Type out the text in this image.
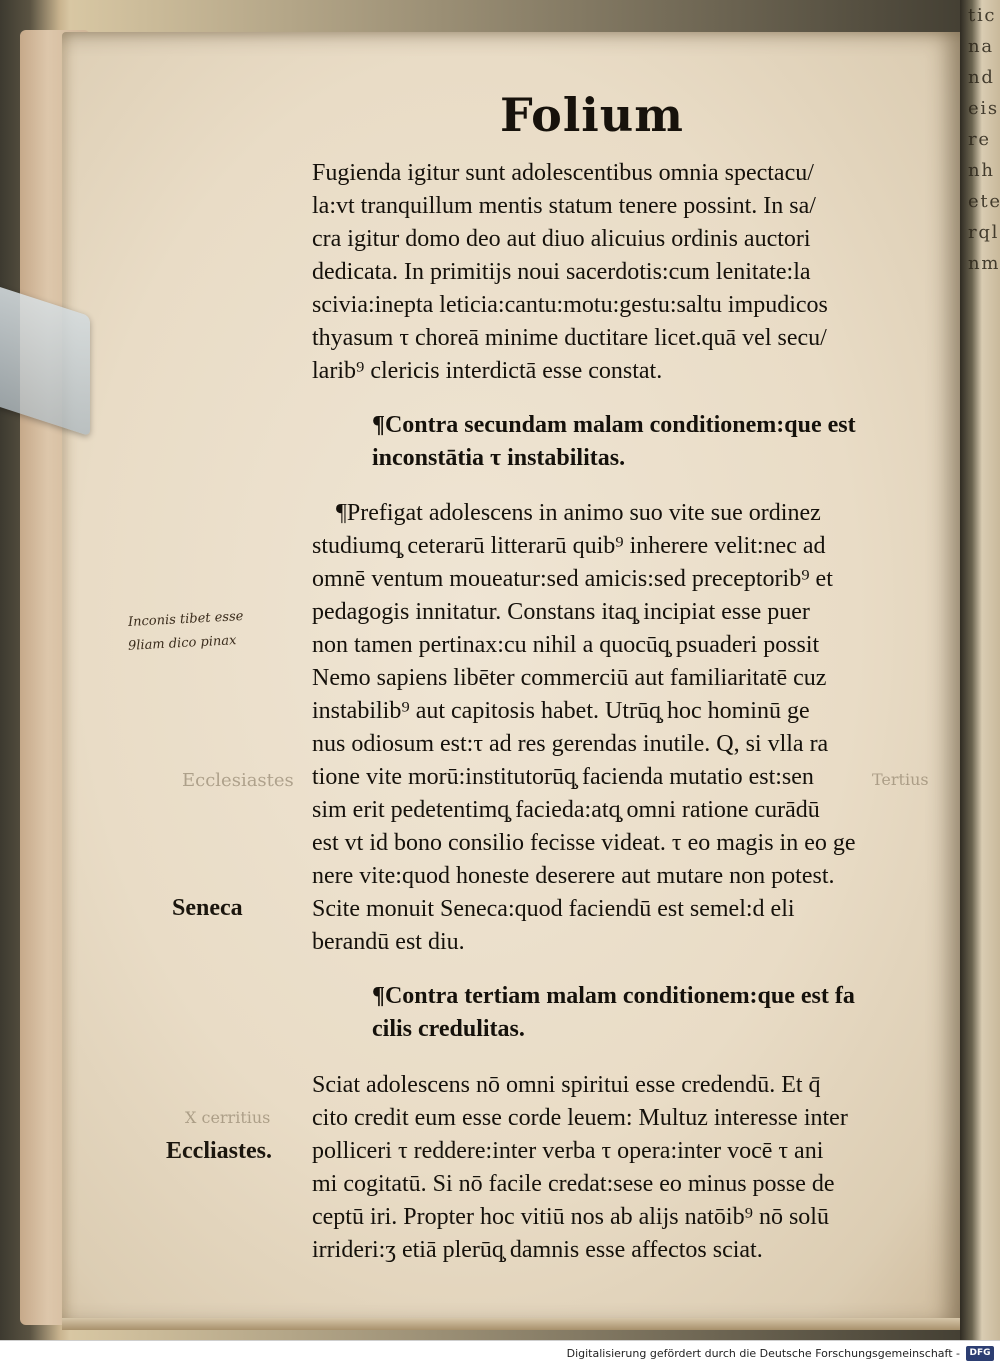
t i c n a n d e i s r e n h e t e r q l n m
Folium
Fugienda igitur sunt adolescentibus omnia spectacu/
la:vt tranquillum mentis statum tenere possint. In sa/
cra igitur domo deo aut diuo alicuius ordinis auctori
dedicata. In primitijs noui sacerdotis:cum lenitate:la
scivia:inepta leticia:cantu:motu:gestu:saltu impudicos
thyasum τ choreā minime ductitare licet.quā vel secu/
larib⁹ clericis interdictā esse constat.
¶Contra secundam malam conditionem:que est
inconstātia τ instabilitas.
¶Prefigat adolescens in animo suo vite sue ordinez
studiumq̧ ceterarū litterarū quib⁹ inherere velit:nec ad
omnē ventum moueatur:sed amicis:sed preceptorib⁹ et
pedagogis innitatur. Constans itaq̧ incipiat esse puer
non tamen pertinax:cu nihil a quocūq̧ psuaderi possit
Nemo sapiens libēter commerciū aut familiaritatē cuz
instabilib⁹ aut capitosis habet. Utrūq̧ hoc hominū ge
nus odiosum est:τ ad res gerendas inutile. Q, si vlla ra
tione vite morū:institutorūq̧ facienda mutatio est:sen
sim erit pedetentimq̧ facieda:atq̧ omni ratione curādū
est vt id bono consilio fecisse videat. τ eo magis in eo ge
nere vite:quod honeste deserere aut mutare non potest.
Scite monuit Seneca:quod faciendū est semel:d eli
berandū est diu.
¶Contra tertiam malam conditionem:que est fa
cilis credulitas.
Sciat adolescens nō omni spiritui esse credendū. Et q̄
cito credit eum esse corde leuem: Multuz interesse inter
polliceri τ reddere:inter verba τ opera:inter vocē τ ani
mi cogitatū. Si nō facile credat:sese eo minus posse de
ceptū iri. Propter hoc vitiū nos ab alijs natōib⁹ nō solū
irrideri:ʒ etiā plerūq̧ damnis esse affectos sciat.
Seneca
Eccliastes.
Inconis tibet esse
9liam dico pinax
Ecclesiastes
X cerritius
Tertius
Digitalisierung gefördert durch die Deutsche Forschungsgemeinschaft -	DFG
